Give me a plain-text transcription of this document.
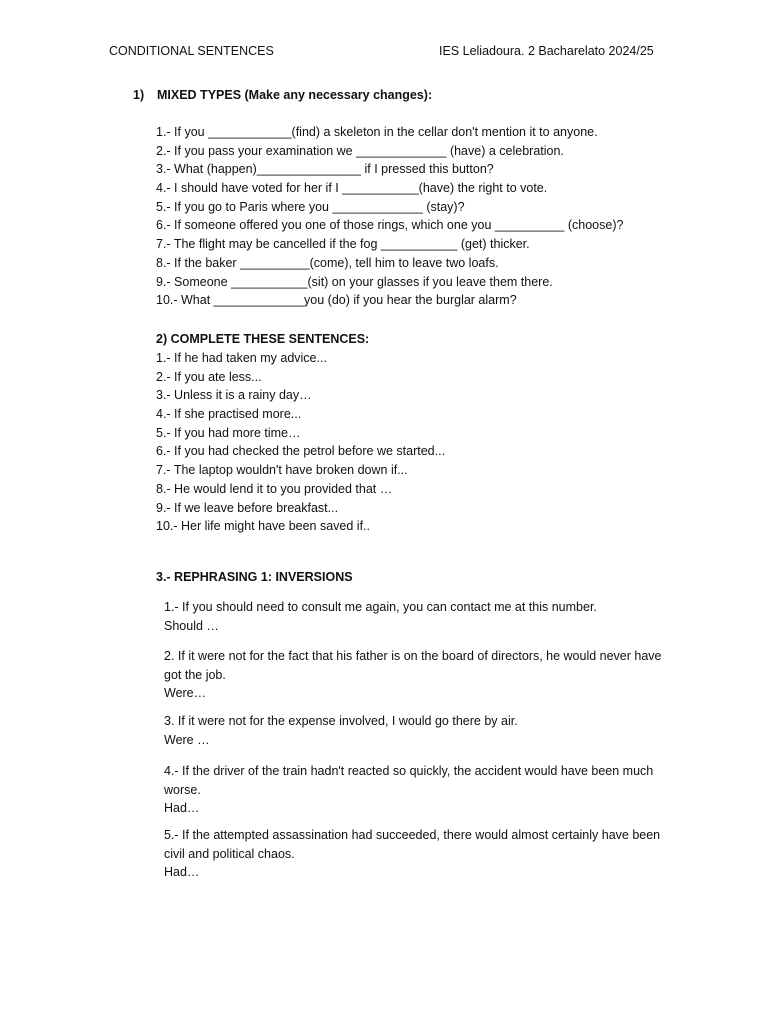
CONDITIONAL SENTENCES	IES Leliadoura. 2 Bacharelato 2024/25
1) MIXED TYPES (Make any necessary changes):
1.- If you ____________(find) a skeleton in the cellar don't mention it to anyone.
2.- If you pass your examination we _____________ (have) a celebration.
3.- What (happen)_______________ if I pressed this button?
4.- I should have voted for her if I ___________(have) the right to vote.
5.- If you go to Paris where you _____________ (stay)?
6.- If someone offered you one of those rings, which one you __________ (choose)?
7.- The flight may be cancelled if the fog ___________ (get) thicker.
8.- If the baker __________(come), tell him to leave two loafs.
9.- Someone ___________(sit) on your glasses if you leave them there.
10.- What _____________you (do) if you hear the burglar alarm?
2) COMPLETE THESE SENTENCES:
1.- If he had taken my advice...
2.- If you ate less...
3.- Unless it is a rainy day…
4.- If she practised more...
5.- If you had more time…
6.- If you had checked the petrol before we started...
7.- The laptop wouldn't have broken down if...
8.- He would lend it to you provided that …
9.- If we leave before breakfast...
10.- Her life might have been saved if..
3.- REPHRASING 1: INVERSIONS

1.- If you should need to consult me again, you can contact me at this number.

Should …

2. If it were not for the fact that his father is on the board of directors, he would never have got the job.

Were…

3. If it were not for the expense involved, I would go there by air.

Were …

4.- If the driver of the train hadn't reacted so quickly, the accident would have been much worse.

Had…

5.- If the attempted assassination had succeeded, there would almost certainly have been civil and political chaos.

Had…
